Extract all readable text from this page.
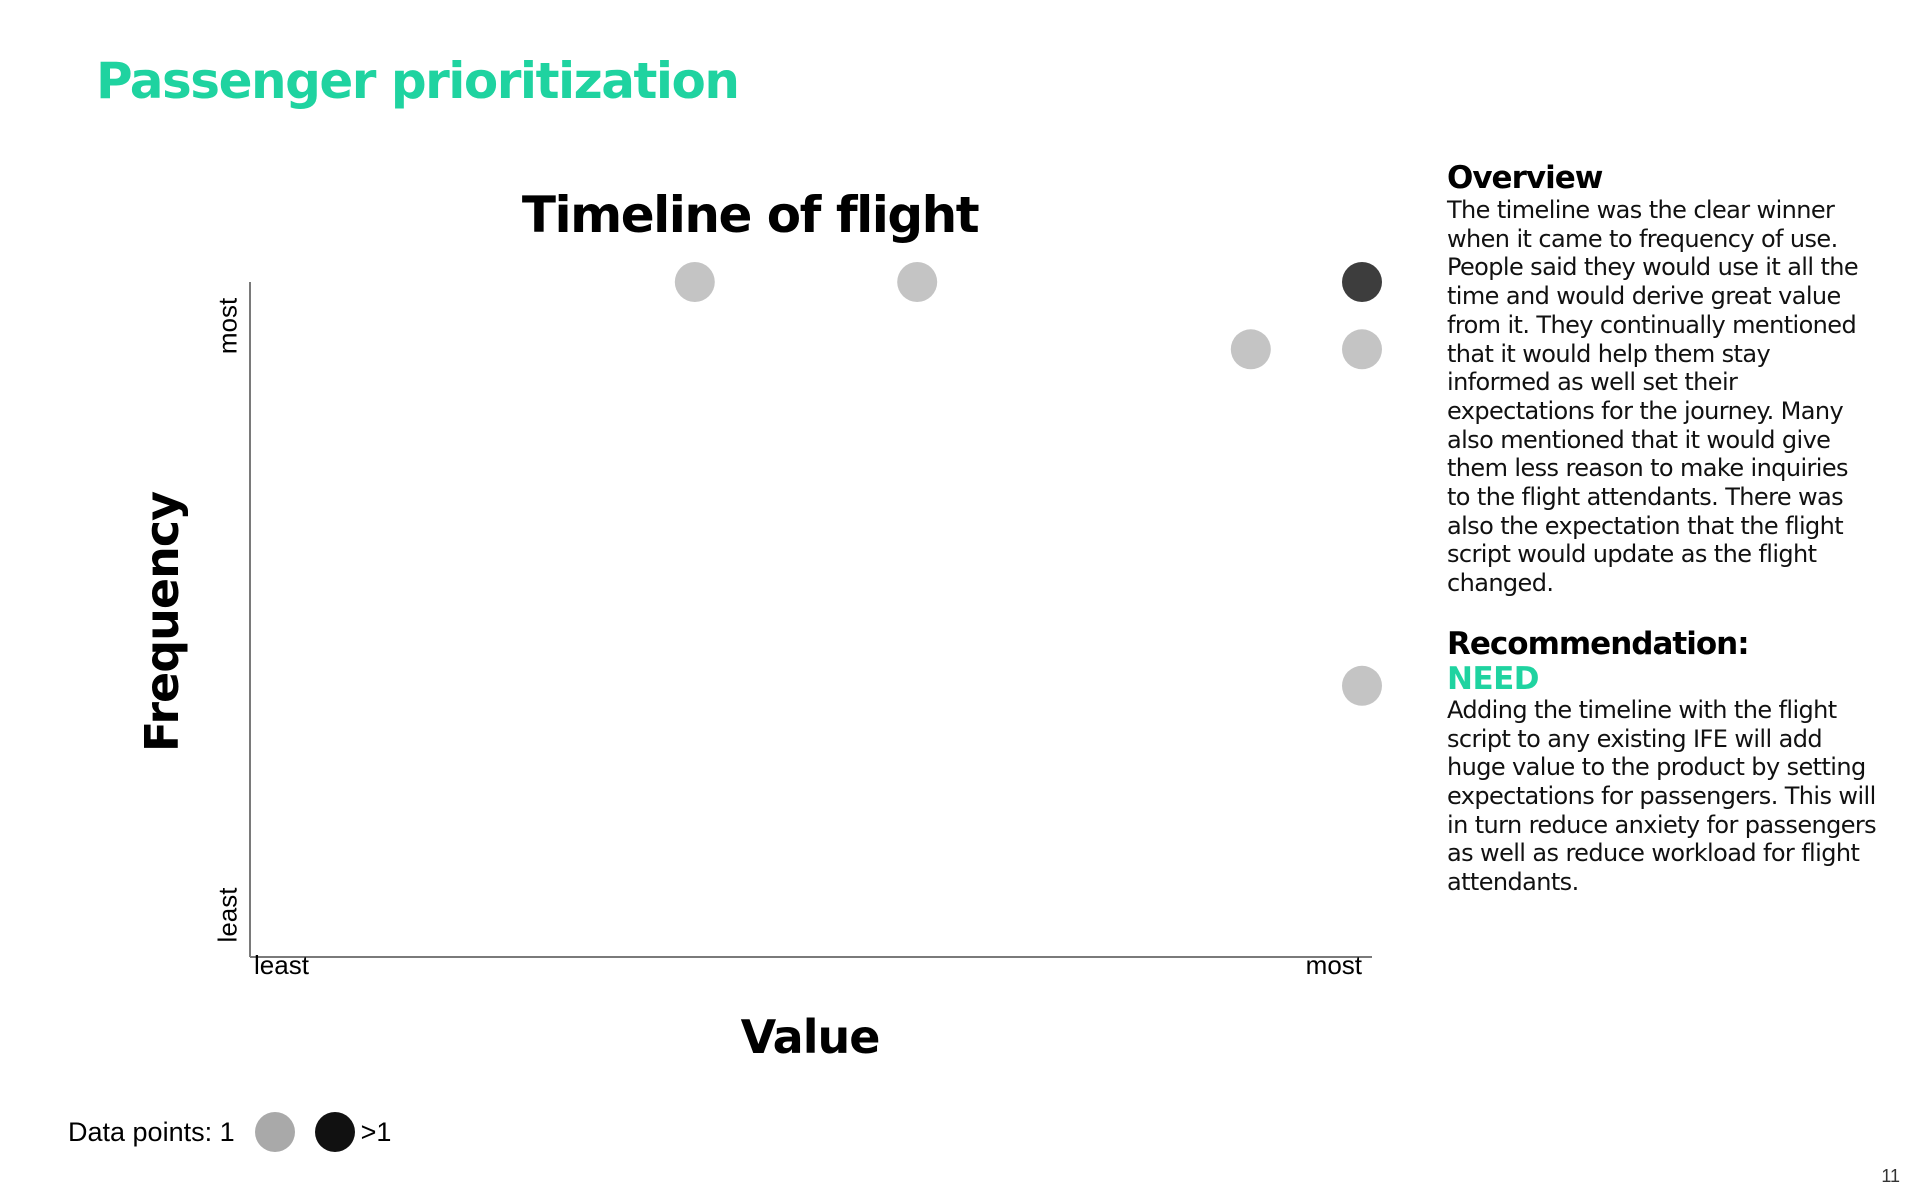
Passenger prioritization
Timeline of flight
most
least
least	most
Frequency
Value
Overview

The timeline was the clear winner when it came to frequency of use. People said they would use it all the time and would derive great value from it. They continually mentioned that it would help them stay informed as well set their expectations for the journey. Many also mentioned that it would give them less reason to make inquiries to the flight attendants. There was also the expectation that the flight script would update as the flight changed.

Recommendation:
NEED

Adding the timeline with the flight script to any existing IFE will add huge value to the product by setting expectations for passengers. This will in turn reduce anxiety for passengers as well as reduce workload for flight attendants.

Data points: 1	>1
11
